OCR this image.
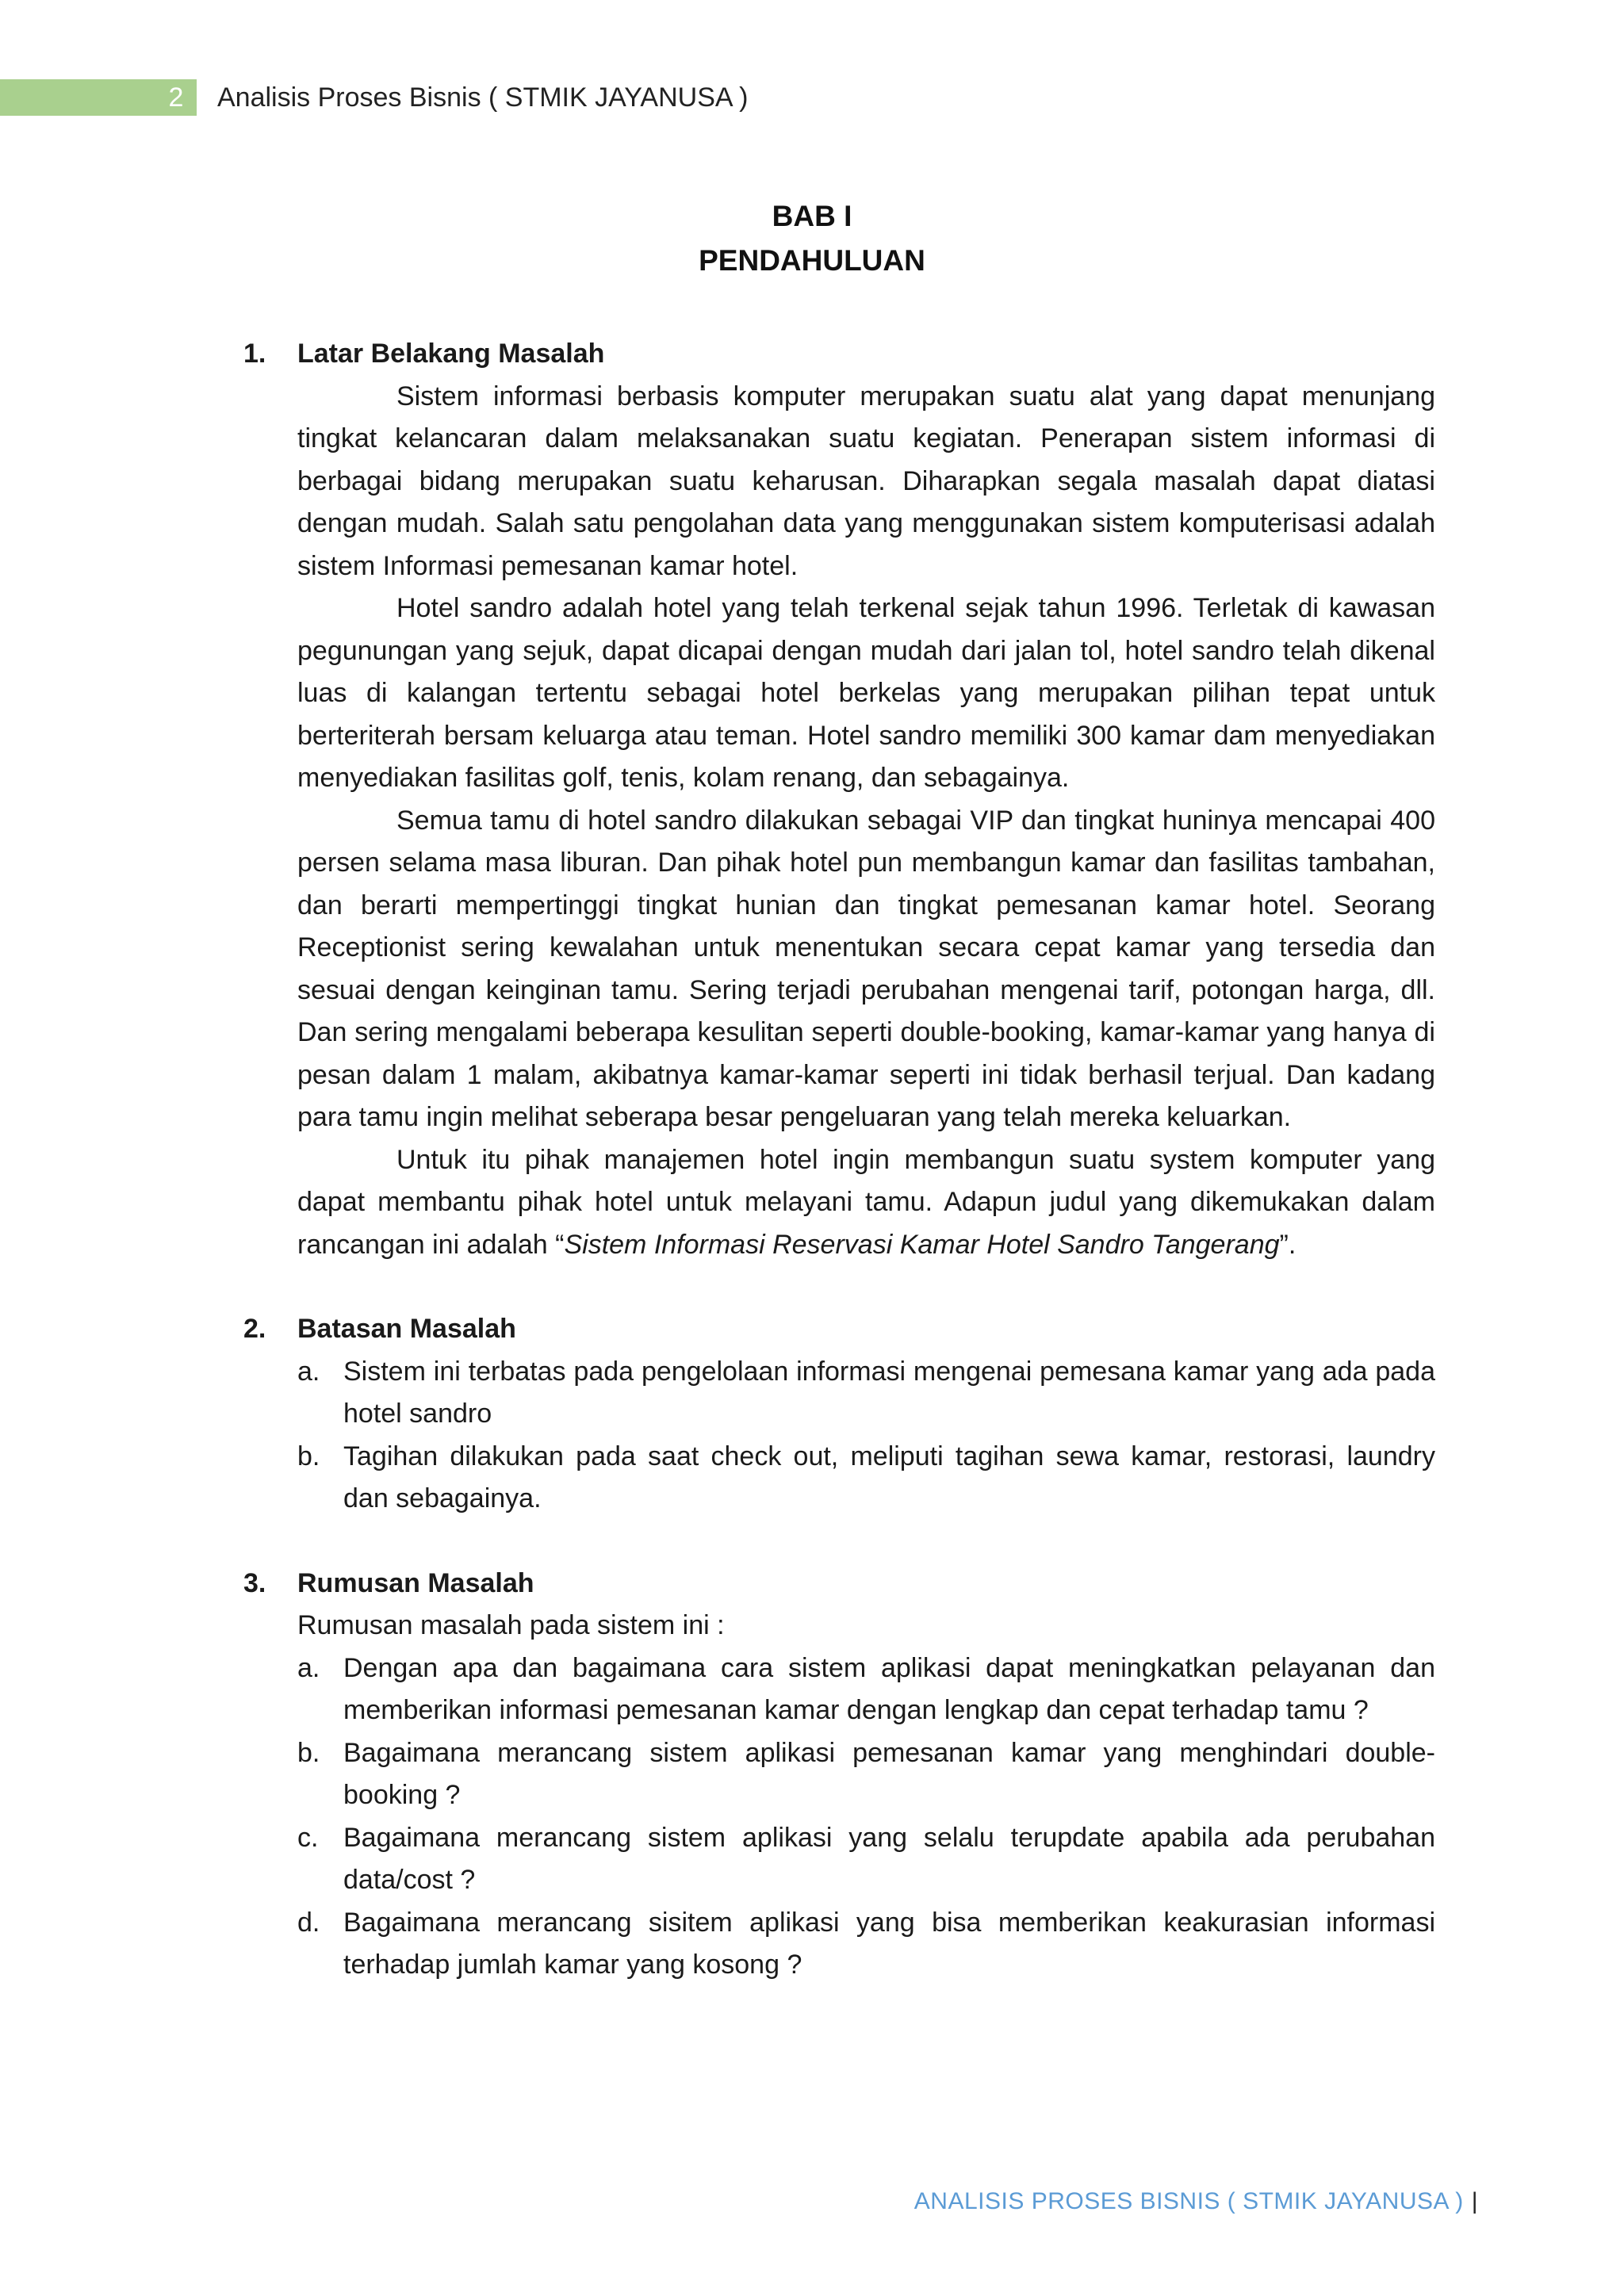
2	Analisis Proses Bisnis ( STMIK JAYANUSA )
BAB I
PENDAHULUAN
1.	Latar Belakang Masalah

Sistem informasi berbasis komputer merupakan suatu alat yang dapat menunjang tingkat kelancaran dalam melaksanakan suatu kegiatan. Penerapan sistem informasi di berbagai bidang merupakan suatu keharusan. Diharapkan segala masalah dapat diatasi dengan mudah. Salah satu pengolahan data yang menggunakan sistem komputerisasi adalah sistem Informasi pemesanan kamar hotel.

Hotel sandro adalah hotel yang telah terkenal sejak tahun 1996. Terletak di kawasan pegunungan yang sejuk, dapat dicapai dengan mudah dari jalan tol, hotel sandro telah dikenal luas di kalangan tertentu sebagai hotel berkelas yang merupakan pilihan tepat untuk berteriterah bersam keluarga atau teman. Hotel sandro memiliki 300 kamar dam menyediakan menyediakan fasilitas golf, tenis, kolam renang, dan sebagainya.

Semua tamu di hotel sandro dilakukan sebagai VIP dan tingkat huninya mencapai 400 persen selama masa liburan. Dan pihak hotel pun membangun kamar dan fasilitas tambahan, dan berarti mempertinggi tingkat hunian dan tingkat pemesanan kamar hotel. Seorang Receptionist sering kewalahan untuk menentukan secara cepat kamar yang tersedia dan sesuai dengan keinginan tamu. Sering terjadi perubahan mengenai tarif, potongan harga, dll. Dan sering mengalami beberapa kesulitan seperti double-booking, kamar-kamar yang hanya di pesan dalam 1 malam, akibatnya kamar-kamar seperti ini tidak berhasil terjual. Dan kadang para tamu ingin melihat seberapa besar pengeluaran yang telah mereka keluarkan.

Untuk itu pihak manajemen hotel ingin membangun suatu system komputer yang dapat membantu pihak hotel untuk melayani tamu. Adapun judul yang dikemukakan dalam rancangan ini adalah “Sistem Informasi Reservasi Kamar Hotel Sandro Tangerang”.

2.	Batasan Masalah
a. Sistem ini terbatas pada pengelolaan informasi mengenai pemesana kamar yang ada pada hotel sandro
b. Tagihan dilakukan pada saat check out, meliputi tagihan sewa kamar, restorasi, laundry dan sebagainya.
3.	Rumusan Masalah
Rumusan masalah pada sistem ini :
a. Dengan apa dan bagaimana cara sistem aplikasi dapat meningkatkan pelayanan dan memberikan informasi pemesanan kamar dengan lengkap dan cepat terhadap tamu ?
b. Bagaimana merancang sistem aplikasi pemesanan kamar yang menghindari double-booking ?
c. Bagaimana merancang sistem aplikasi yang selalu terupdate apabila ada perubahan data/cost ?
d. Bagaimana merancang sisitem aplikasi yang bisa memberikan keakurasian informasi terhadap jumlah kamar yang kosong ?
ANALISIS PROSES BISNIS ( STMIK JAYANUSA ) |
